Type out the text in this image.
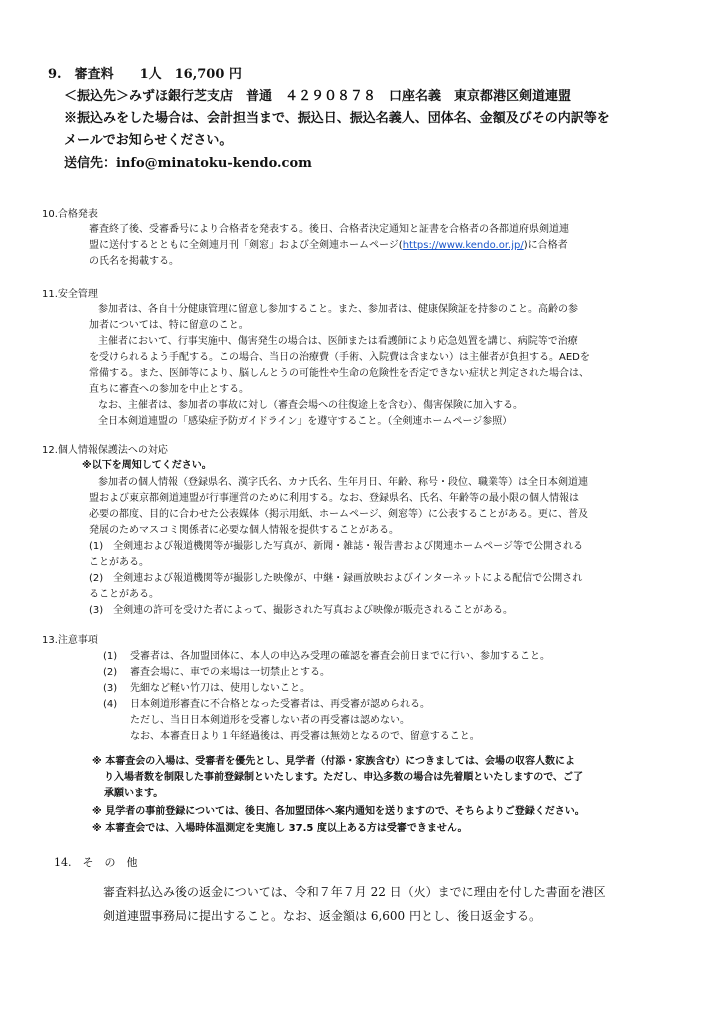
9.　審査料　　1人　16,700 円
＜振込先＞みずほ銀行芝支店　普通　４２９０８７８　口座名義　東京都港区剣道連盟
※振込みをした場合は、会計担当まで、振込日、振込名義人、団体名、金額及びその内訳等を
メールでお知らせください。
送信先：info@minatoku-kendo.com
10.合格発表
審査終了後、受審番号により合格者を発表する。後日、合格者決定通知と証書を合格者の各都道府県剣道連
盟に送付するとともに全剣連月刊「剣窓」および全剣連ホームページ(https://www.kendo.or.jp/)に合格者
の氏名を掲載する。
11.安全管理
参加者は、各自十分健康管理に留意し参加すること。また、参加者は、健康保険証を持参のこと。高齢の参
加者については、特に留意のこと。
主催者において、行事実施中、傷害発生の場合は、医師または看護師により応急処置を講じ、病院等で治療
を受けられるよう手配する。この場合、当日の治療費（手術、入院費は含まない）は主催者が負担する。AEDを
常備する。また、医師等により、脳しんとうの可能性や生命の危険性を否定できない症状と判定された場合は、
直ちに審査への参加を中止とする。
なお、主催者は、参加者の事故に対し（審査会場への往復途上を含む）、傷害保険に加入する。
全日本剣道連盟の「感染症予防ガイドライン」を遵守すること。（全剣連ホームページ参照）
12.個人情報保護法への対応
※以下を周知してください。
参加者の個人情報（登録県名、漢字氏名、カナ氏名、生年月日、年齢、称号・段位、職業等）は全日本剣道連
盟および東京都剣道連盟が行事運営のために利用する。なお、登録県名、氏名、年齢等の最小限の個人情報は
必要の都度、目的に合わせた公表媒体（掲示用紙、ホームページ、剣窓等）に公表することがある。更に、普及
発展のためマスコミ関係者に必要な個人情報を提供することがある。
(1)　全剣連および報道機関等が撮影した写真が、新聞・雑誌・報告書および関連ホームページ等で公開される
ことがある。
(2)　全剣連および報道機関等が撮影した映像が、中継・録画放映およびインターネットによる配信で公開され
ることがある。
(3)　全剣連の許可を受けた者によって、撮影された写真および映像が販売されることがある。
13.注意事項
(1) 受審者は、各加盟団体に、本人の申込み受理の確認を審査会前日までに行い、参加すること。
(2) 審査会場に、車での来場は一切禁止とする。
(3) 先細など軽い竹刀は、使用しないこと。
(4) 日本剣道形審査に不合格となった受審者は、再受審が認められる。
ただし、当日日本剣道形を受審しない者の再受審は認めない。
なお、本審査日より１年経過後は、再受審は無効となるので、留意すること。
※ 本審査会の入場は、受審者を優先とし、見学者（付添・家族含む）につきましては、会場の収容人数によ
り入場者数を制限した事前登録制といたします。ただし、申込多数の場合は先着順といたしますので、ご了
承願います。
※ 見学者の事前登録については、後日、各加盟団体へ案内通知を送りますので、そちらよりご登録ください。
※ 本審査会では、入場時体温測定を実施し 37.5 度以上ある方は受審できません。
14.　そ　の　他
審査料払込み後の返金については、令和７年７月 22 日（火）までに理由を付した書面を港区
剣道連盟事務局に提出すること。なお、返金額は 6,600 円とし、後日返金する。
